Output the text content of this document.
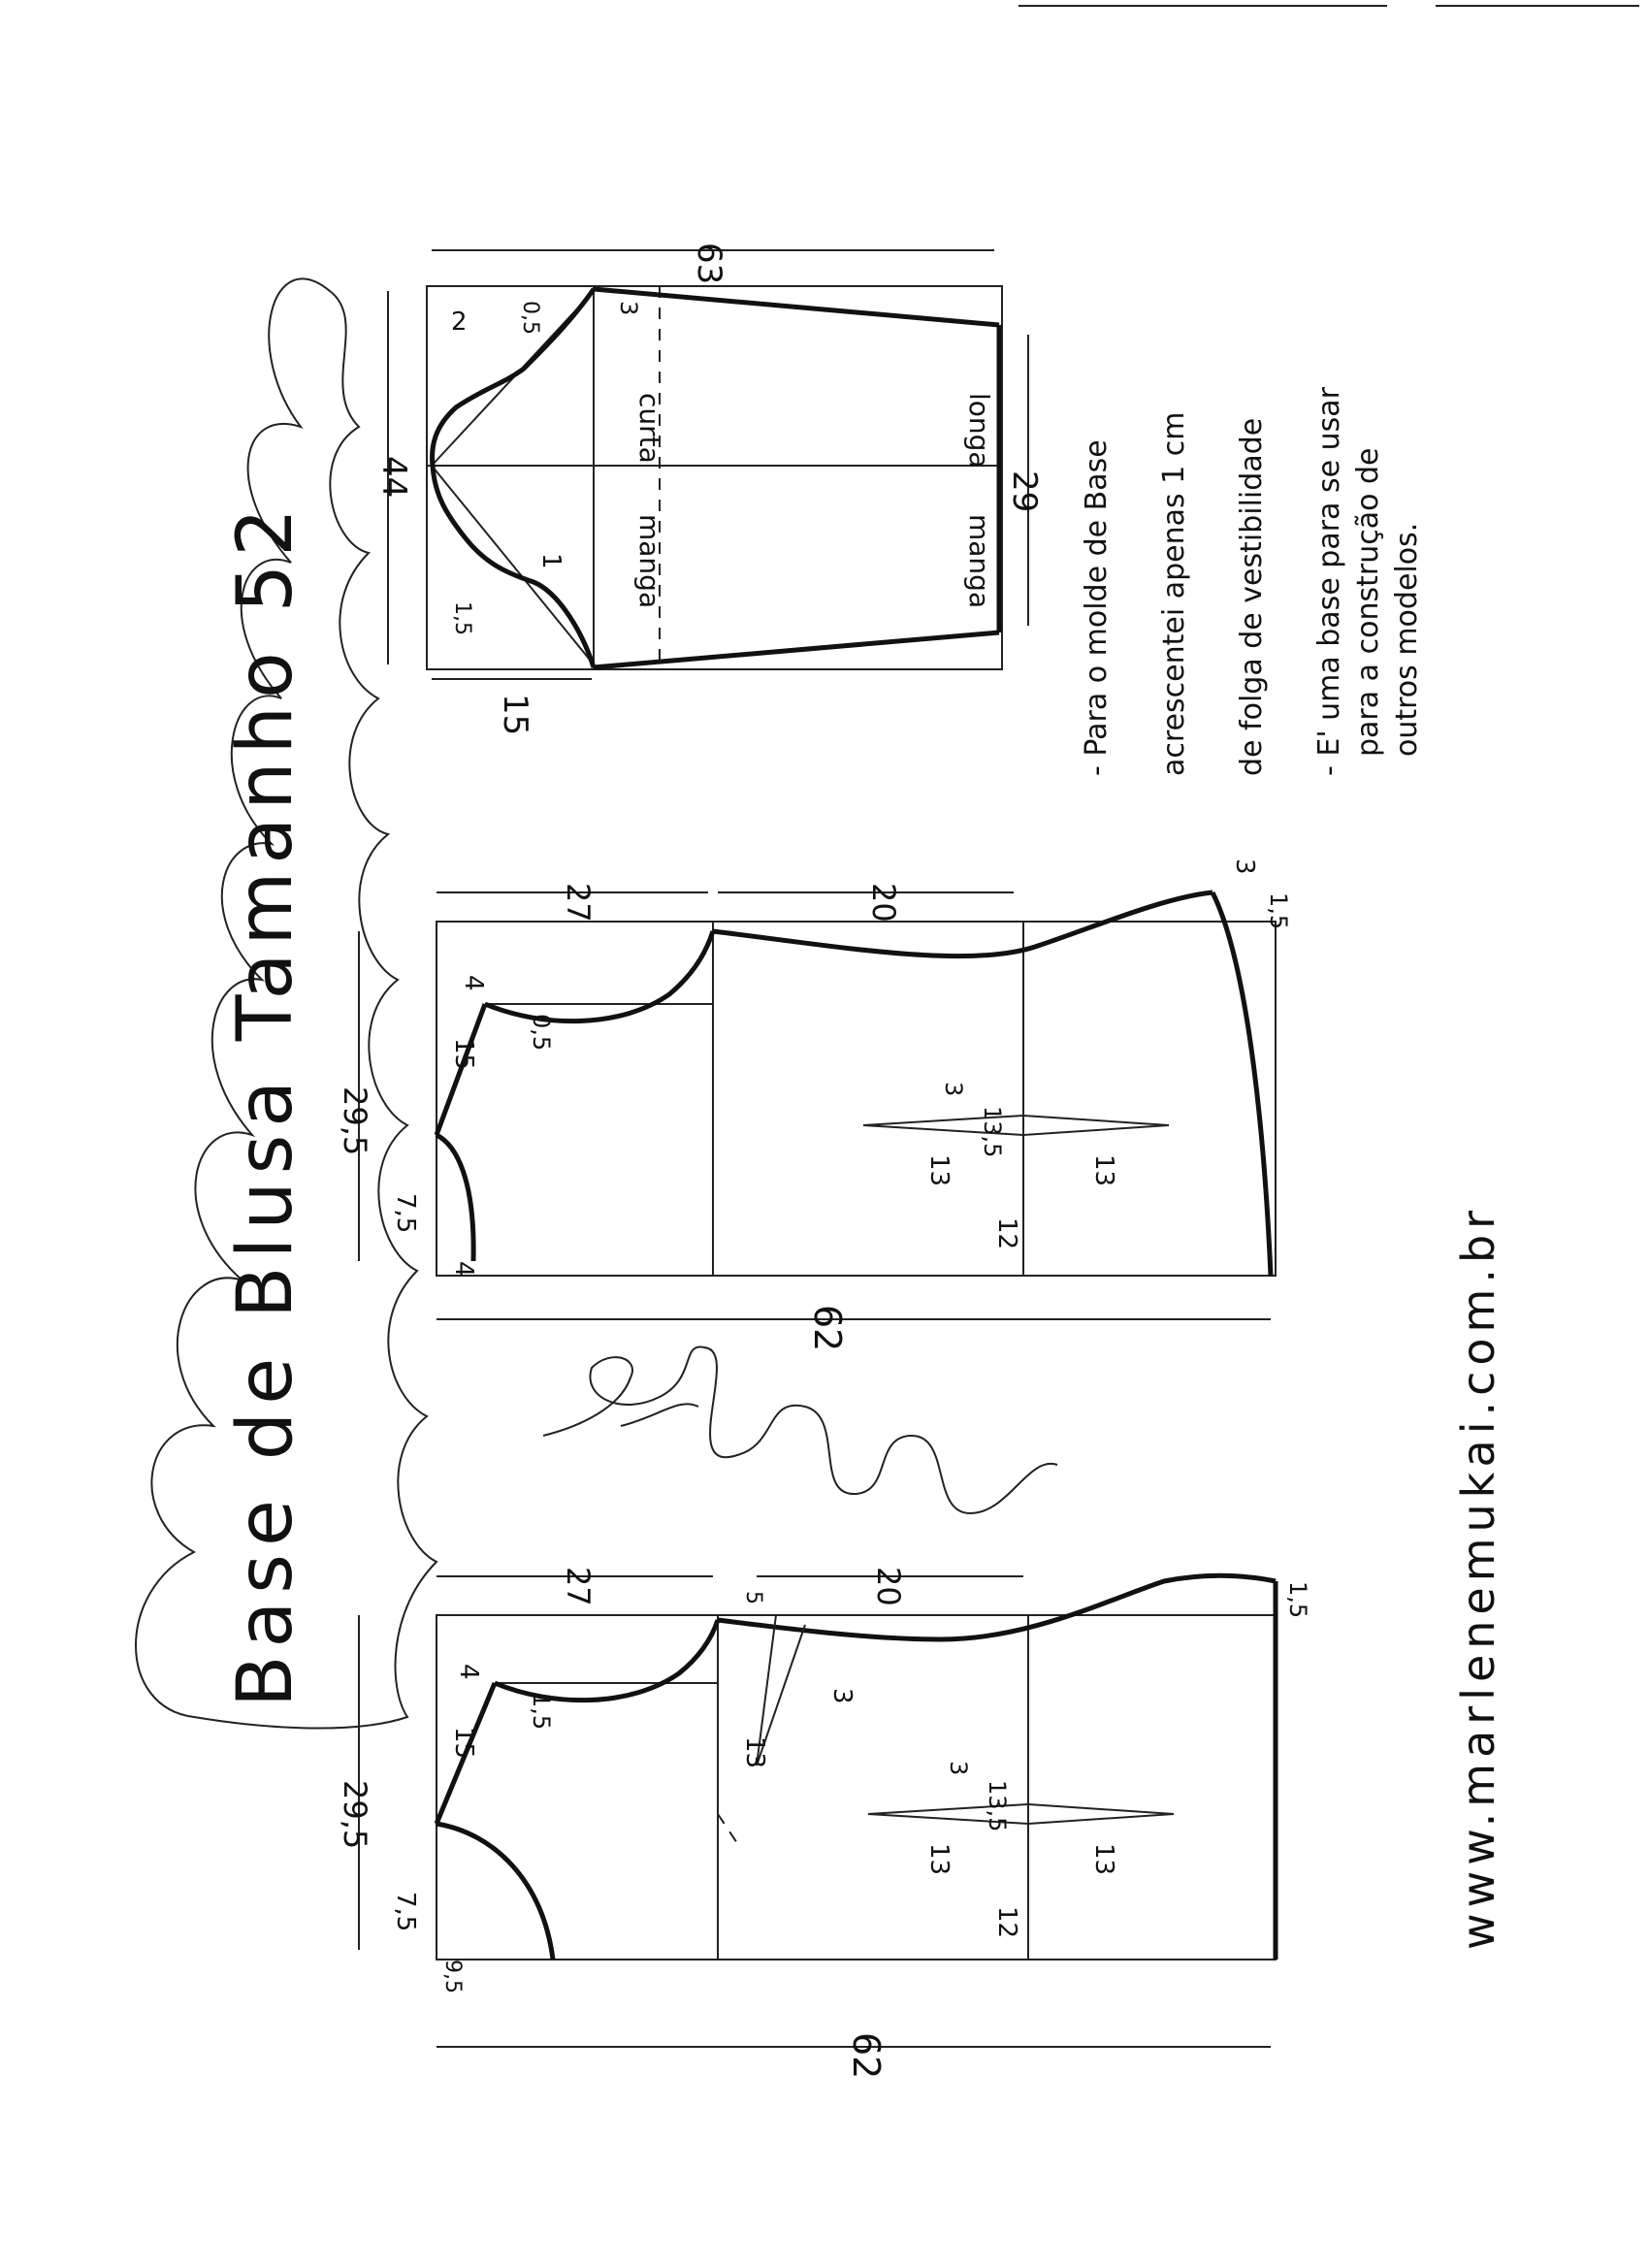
Base de Blusa Tamanho 52
63
15
44	29
manga
curta
manga
longa
2 0,5	3
1
1,5	- Para o molde de Base acrescentei apenas 1 cm de folga de vestibilidade - E' uma base para se usar para a construção de outros modelos.
27	20
62
29,5
7,5
4
4
15
0,5
3
1,5
3
13,5
13	13
12
27	20
62
29,5
7,5
9,5
4
15
1,5
5
13
3
1,5
3
13,5
13	13
12	www.marlenemukai.com.br
